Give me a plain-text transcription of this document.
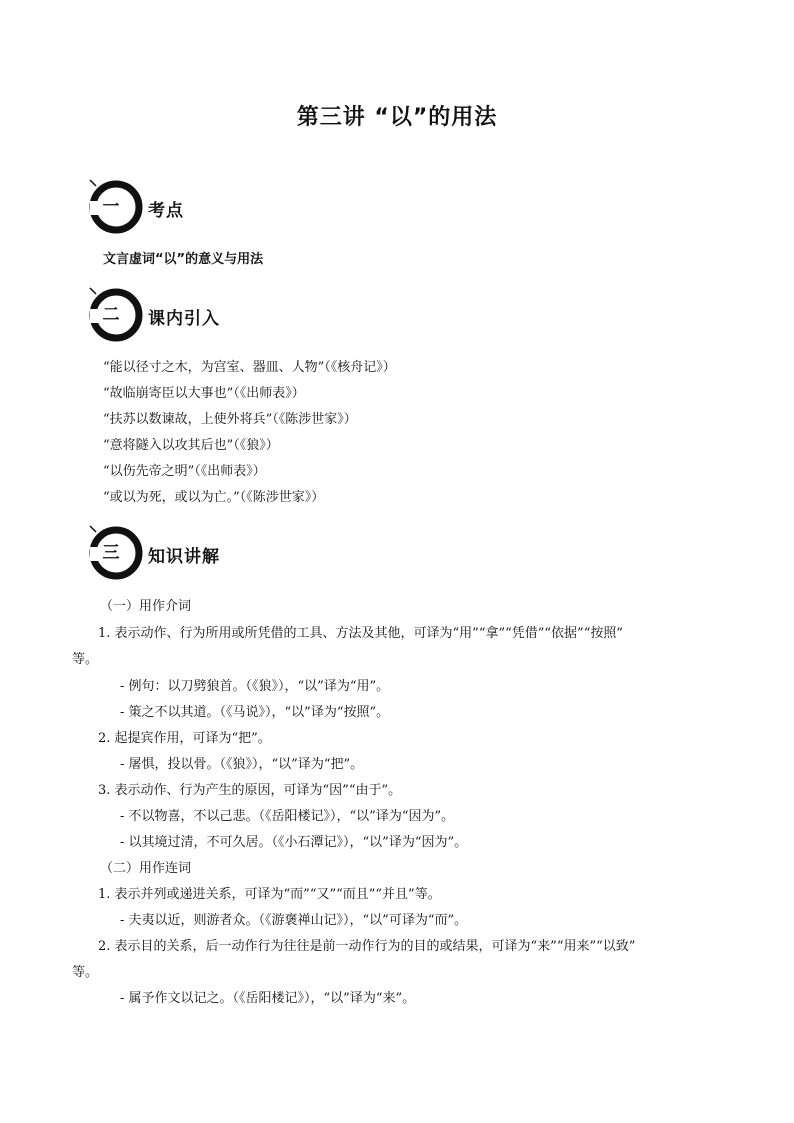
第三讲 “以”的用法
一	考点
文言虚词“以”的意义与用法
二	课内引入
“能以径寸之木，为宫室、器皿、人物”（《核舟记》）
“故临崩寄臣以大事也”（《出师表》）
“扶苏以数谏故，上使外将兵”（《陈涉世家》）
“意将隧入以攻其后也”（《狼》）
“以伤先帝之明”（《出师表》）
“或以为死，或以为亡。”（《陈涉世家》）
三	知识讲解
（一）用作介词
1. 表示动作、行为所用或所凭借的工具、方法及其他，可译为“用”“拿”“凭借”“依据”“按照”
等。
- 例句：以刀劈狼首。（《狼》），“以”译为“用”。
- 策之不以其道。（《马说》），“以”译为“按照”。
2. 起提宾作用，可译为“把”。
- 屠惧，投以骨。（《狼》），“以”译为“把”。
3. 表示动作、行为产生的原因，可译为“因”“由于”。
- 不以物喜，不以己悲。（《岳阳楼记》），“以”译为“因为”。
- 以其境过清，不可久居。（《小石潭记》），“以”译为“因为”。
（二）用作连词
1. 表示并列或递进关系，可译为“而”“又”“而且”“并且”等。
- 夫夷以近，则游者众。（《游褒禅山记》），“以”可译为“而”。
2. 表示目的关系，后一动作行为往往是前一动作行为的目的或结果，可译为“来”“用来”“以致”
等。
- 属予作文以记之。（《岳阳楼记》），“以”译为“来”。
